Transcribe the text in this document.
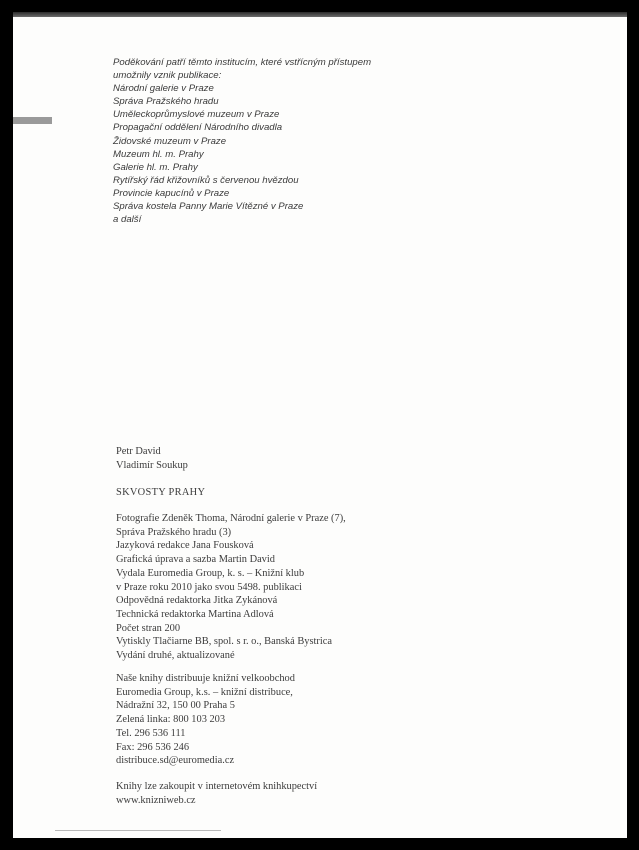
Poděkování patří těmto institucím, které vstřícným přístupem
umožnily vznik publikace:
Národní galerie v Praze
Správa Pražského hradu
Uměleckoprůmyslové muzeum v Praze
Propagační oddělení Národního divadla
Židovské muzeum v Praze
Muzeum hl. m. Prahy
Galerie hl. m. Prahy
Rytířský řád křižovníků s červenou hvězdou
Provincie kapucínů v Praze
Správa kostela Panny Marie Vítězné v Praze
a další
Petr David
Vladimír Soukup
SKVOSTY PRAHY
Fotografie Zdeněk Thoma, Národní galerie v Praze (7),
Správa Pražského hradu (3)
Jazyková redakce Jana Fousková
Grafická úprava a sazba Martin David
Vydala Euromedia Group, k. s. – Knižní klub
v Praze roku 2010 jako svou 5498. publikaci
Odpovědná redaktorka Jitka Zykánová
Technická redaktorka Martina Adlová
Počet stran 200
Vytiskly Tlačiarne BB, spol. s r. o., Banská Bystrica
Vydání druhé, aktualizované
Naše knihy distribuuje knižní velkoobchod
Euromedia Group, k.s. – knižní distribuce,
Nádražní 32, 150 00 Praha 5
Zelená linka: 800 103 203
Tel. 296 536 111
Fax: 296 536 246
distribuce.sd@euromedia.cz
Knihy lze zakoupit v internetovém knihkupectví
www.knizniweb.cz
